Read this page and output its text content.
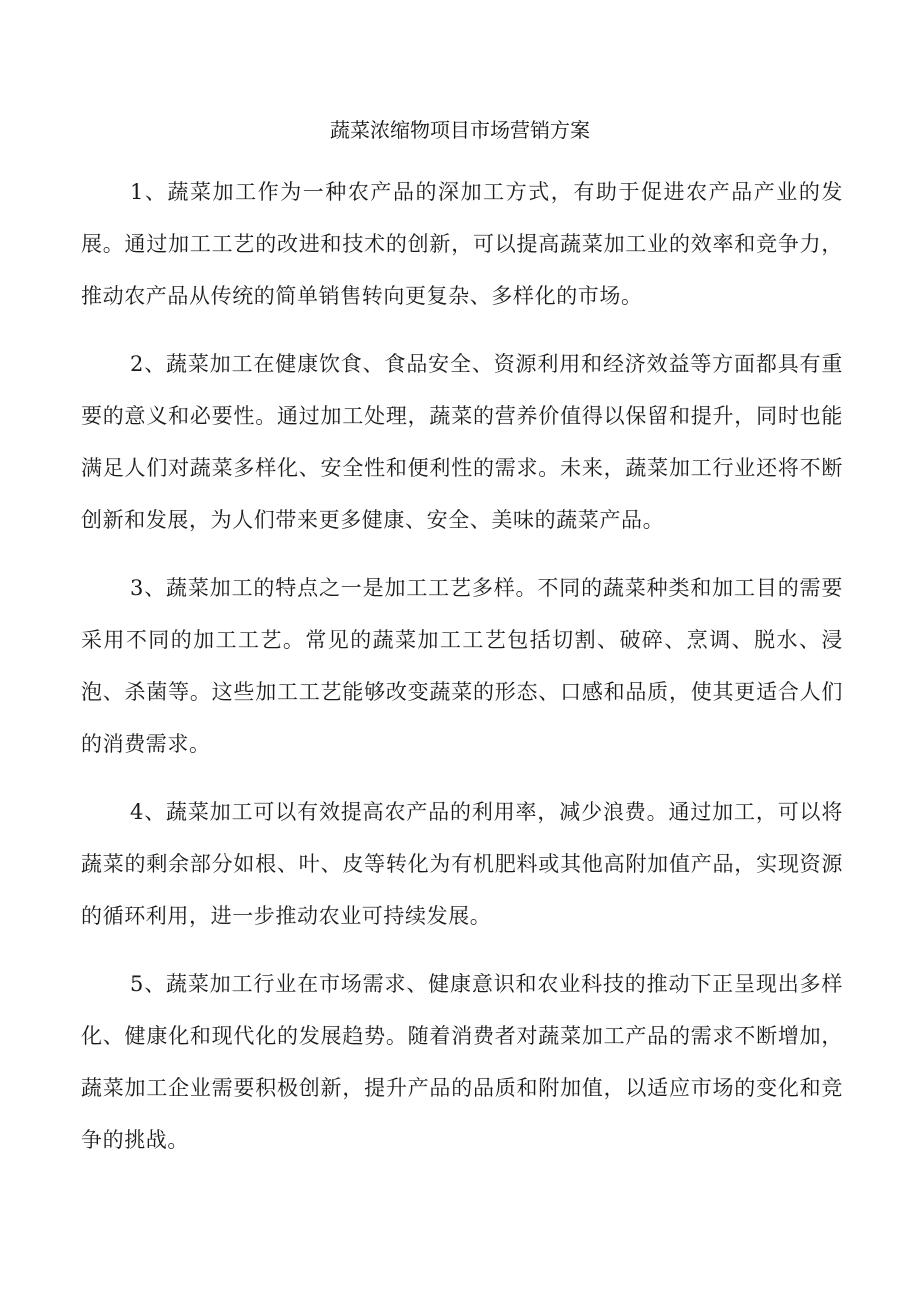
蔬菜浓缩物项目市场营销方案

1、蔬菜加工作为一种农产品的深加工方式，有助于促进农产品产业的发展。通过加工工艺的改进和技术的创新，可以提高蔬菜加工业的效率和竞争力，推动农产品从传统的简单销售转向更复杂、多样化的市场。

2、蔬菜加工在健康饮食、食品安全、资源利用和经济效益等方面都具有重要的意义和必要性。通过加工处理，蔬菜的营养价值得以保留和提升，同时也能满足人们对蔬菜多样化、安全性和便利性的需求。未来，蔬菜加工行业还将不断创新和发展，为人们带来更多健康、安全、美味的蔬菜产品。

3、蔬菜加工的特点之一是加工工艺多样。不同的蔬菜种类和加工目的需要采用不同的加工工艺。常见的蔬菜加工工艺包括切割、破碎、烹调、脱水、浸泡、杀菌等。这些加工工艺能够改变蔬菜的形态、口感和品质，使其更适合人们的消费需求。

4、蔬菜加工可以有效提高农产品的利用率，减少浪费。通过加工，可以将蔬菜的剩余部分如根、叶、皮等转化为有机肥料或其他高附加值产品，实现资源的循环利用，进一步推动农业可持续发展。

5、蔬菜加工行业在市场需求、健康意识和农业科技的推动下正呈现出多样化、健康化和现代化的发展趋势。随着消费者对蔬菜加工产品的需求不断增加，蔬菜加工企业需要积极创新，提升产品的品质和附加值，以适应市场的变化和竞争的挑战。
